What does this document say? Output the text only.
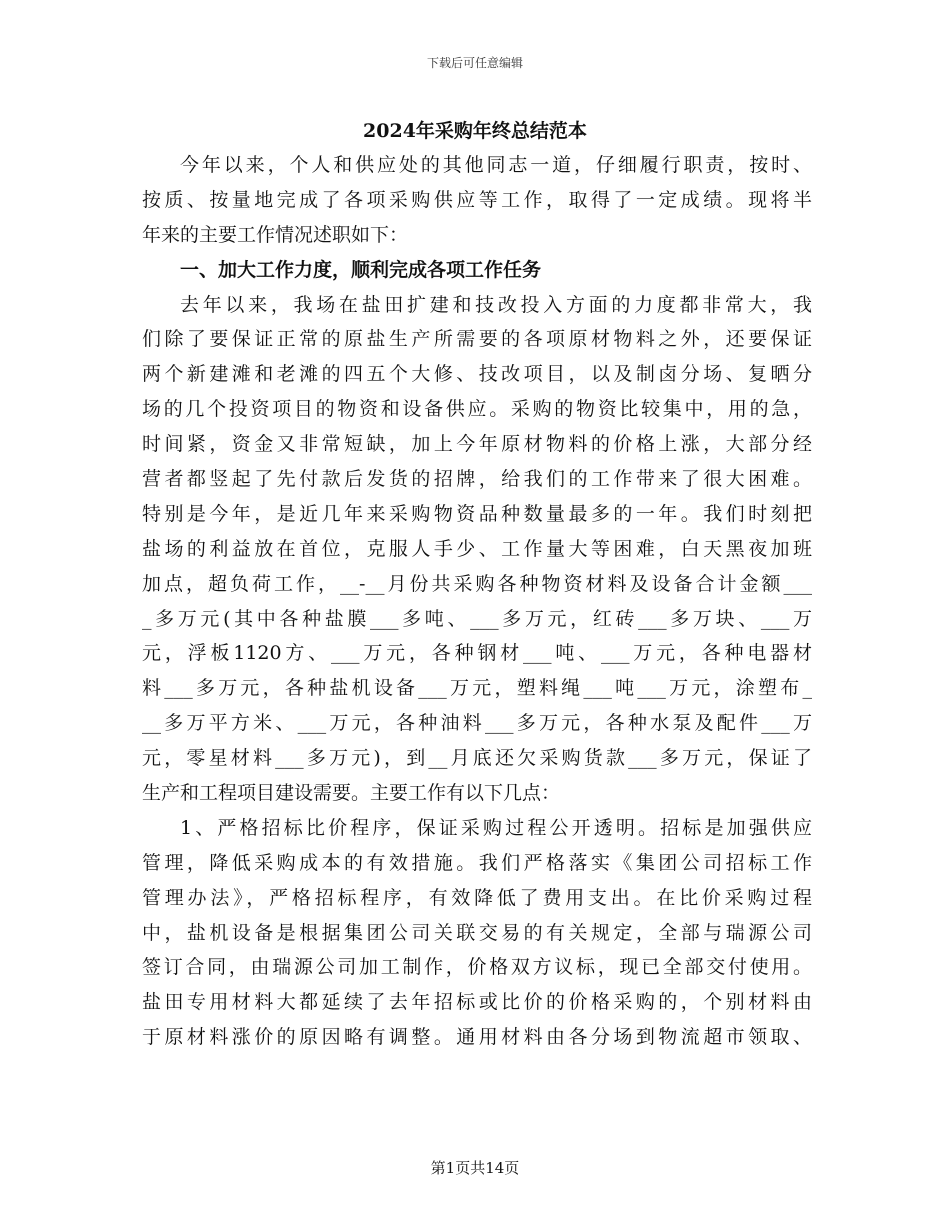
下载后可任意编辑
2024年采购年终总结范本
今年以来，个人和供应处的其他同志一道，仔细履行职责，按时、
按质、按量地完成了各项采购供应等工作，取得了一定成绩。现将半
年来的主要工作情况述职如下：
一、加大工作力度，顺利完成各项工作任务
去年以来，我场在盐田扩建和技改投入方面的力度都非常大，我
们除了要保证正常的原盐生产所需要的各项原材物料之外，还要保证
两个新建滩和老滩的四五个大修、技改项目，以及制卤分场、复晒分
场的几个投资项目的物资和设备供应。采购的物资比较集中，用的急，
时间紧，资金又非常短缺，加上今年原材物料的价格上涨，大部分经
营者都竖起了先付款后发货的招牌，给我们的工作带来了很大困难。
特别是今年，是近几年来采购物资品种数量最多的一年。我们时刻把
盐场的利益放在首位，克服人手少、工作量大等困难，白天黑夜加班
加点，超负荷工作，__-__月份共采购各种物资材料及设备合计金额___
_多万元(其中各种盐膜___多吨、___多万元，红砖___多万块、___万
元，浮板1120方、___万元，各种钢材___吨、___万元，各种电器材
料___多万元，各种盐机设备___万元，塑料绳___吨___万元，涂塑布_
__多万平方米、___万元，各种油料___多万元，各种水泵及配件___万
元，零星材料___多万元)，到__月底还欠采购货款___多万元，保证了
生产和工程项目建设需要。主要工作有以下几点：
1、严格招标比价程序，保证采购过程公开透明。招标是加强供应
管理，降低采购成本的有效措施。我们严格落实《集团公司招标工作
管理办法》，严格招标程序，有效降低了费用支出。在比价采购过程
中，盐机设备是根据集团公司关联交易的有关规定，全部与瑞源公司
签订合同，由瑞源公司加工制作，价格双方议标，现已全部交付使用。
盐田专用材料大都延续了去年招标或比价的价格采购的，个别材料由
于原材料涨价的原因略有调整。通用材料由各分场到物流超市领取、
第1页共14页
